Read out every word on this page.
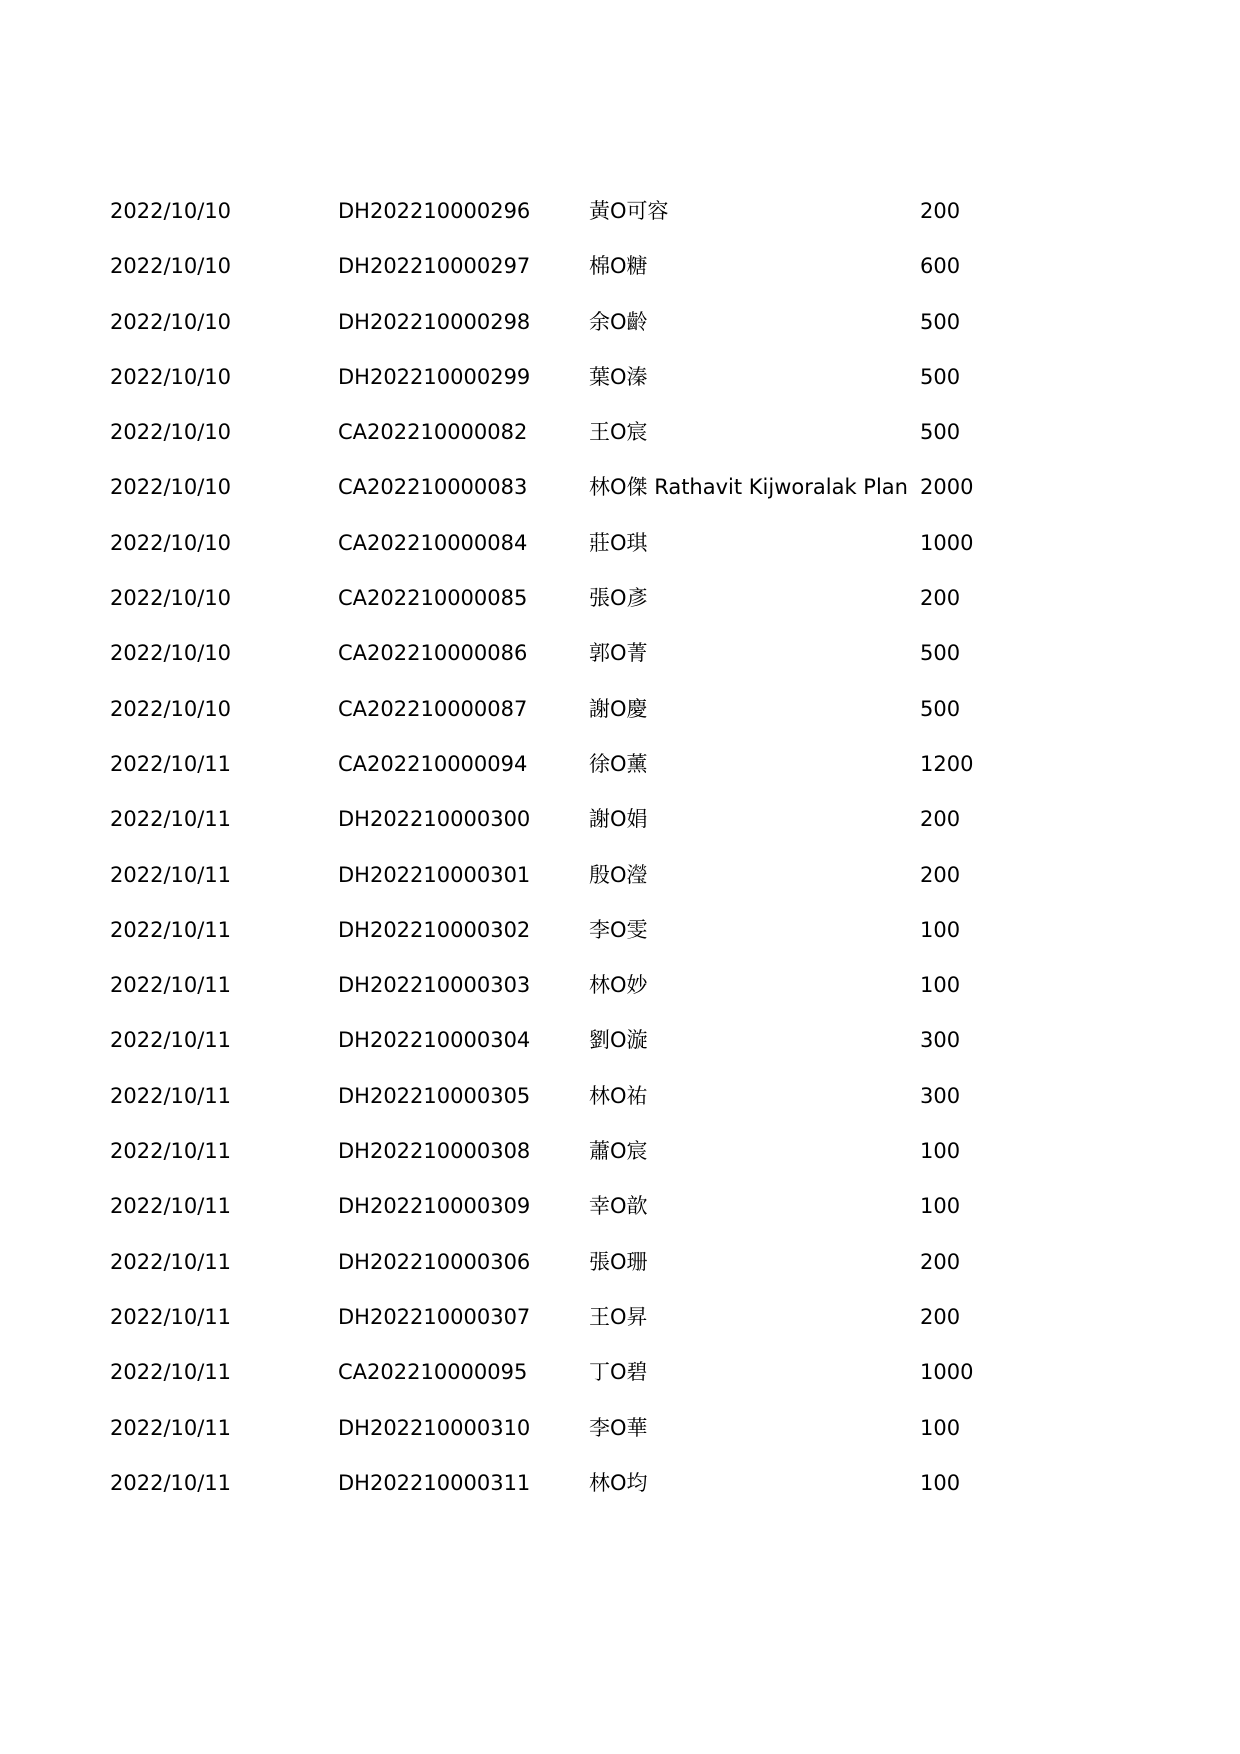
2022/10/10	DH202210000296	黃O可容	200
2022/10/10	DH202210000297	棉O糖	600
2022/10/10	DH202210000298	余O齡	500
2022/10/10	DH202210000299	葉O溱	500
2022/10/10	CA202210000082	王O宸	500
2022/10/10	CA202210000083	林O傑 Rathavit Kijworalak Plan 2000
2022/10/10	CA202210000084	莊O琪	1000
2022/10/10	CA202210000085	張O彥	200
2022/10/10	CA202210000086	郭O菁	500
2022/10/10	CA202210000087	謝O慶	500
2022/10/11	CA202210000094	徐O薰	1200
2022/10/11	DH202210000300	謝O娟	200
2022/10/11	DH202210000301	殷O瀅	200
2022/10/11	DH202210000302	李O雯	100
2022/10/11	DH202210000303	林O妙	100
2022/10/11	DH202210000304	劉O漩	300
2022/10/11	DH202210000305	林O祐	300
2022/10/11	DH202210000308	蕭O宸	100
2022/10/11	DH202210000309	幸O歆	100
2022/10/11	DH202210000306	張O珊	200
2022/10/11	DH202210000307	王O昇	200
2022/10/11	CA202210000095	丁O碧	1000
2022/10/11	DH202210000310	李O華	100
2022/10/11	DH202210000311	林O均	100
